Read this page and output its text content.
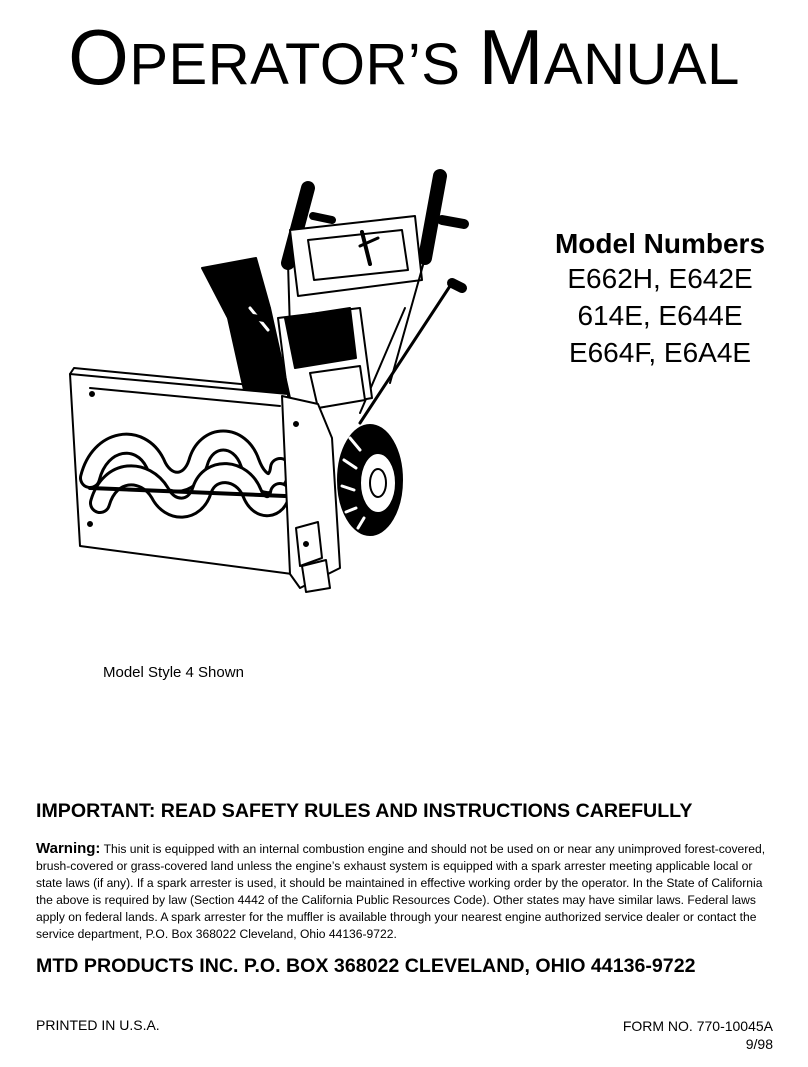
OPERATOR’S MANUAL
Model Numbers
E662H, E642E
614E, E644E
E664F, E6A4E
Model Style 4 Shown
IMPORTANT: READ SAFETY RULES AND INSTRUCTIONS CAREFULLY
Warning: This unit is equipped with an internal combustion engine and should not be used on or near any unimproved forest-covered, brush-covered or grass-covered land unless the engine’s exhaust system is equipped with a spark arrester meeting applicable local or state laws (if any). If a spark arrester is used, it should be maintained in effective working order by the operator. In the State of California the above is required by law (Section 4442 of the California Public Resources Code). Other states may have similar laws. Federal laws apply on federal lands. A spark arrester for the muffler is available through your nearest engine authorized service dealer or contact the service department, P.O. Box 368022 Cleveland, Ohio 44136-9722.
MTD PRODUCTS INC. P.O. BOX 368022 CLEVELAND, OHIO 44136-9722
PRINTED IN U.S.A.	FORM NO. 770-10045A
9/98
